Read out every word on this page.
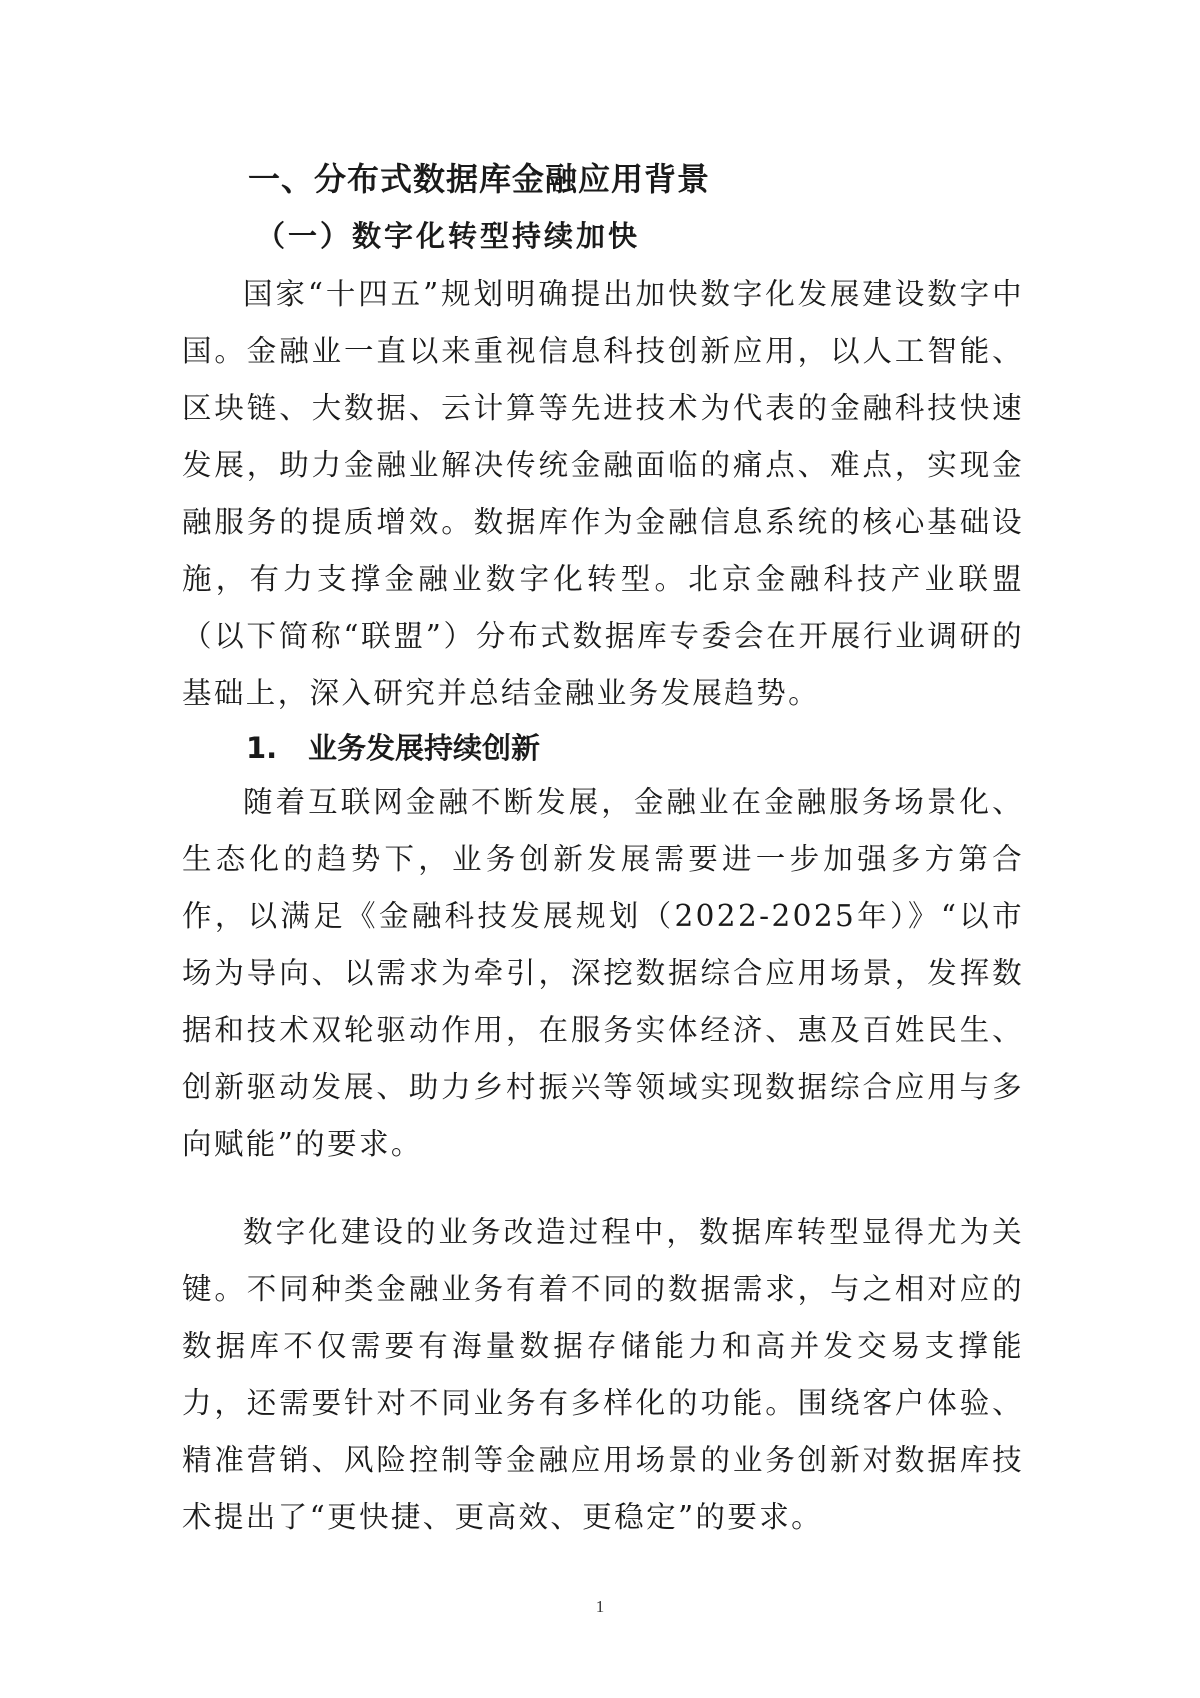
一、分布式数据库金融应用背景
（一）数字化转型持续加快

国家“十四五”规划明确提出加快数字化发展建设数字中国。金融业一直以来重视信息科技创新应用，以人工智能、区块链、大数据、云计算等先进技术为代表的金融科技快速发展，助力金融业解决传统金融面临的痛点、难点，实现金融服务的提质增效。数据库作为金融信息系统的核心基础设施，有力支撑金融业数字化转型。北京金融科技产业联盟（以下简称“联盟”）分布式数据库专委会在开展行业调研的基础上，深入研究并总结金融业务发展趋势。

1. 业务发展持续创新

随着互联网金融不断发展，金融业在金融服务场景化、生态化的趋势下，业务创新发展需要进一步加强多方第合作，以满足《金融科技发展规划（2022-2025年）》“以市场为导向、以需求为牵引，深挖数据综合应用场景，发挥数据和技术双轮驱动作用，在服务实体经济、惠及百姓民生、创新驱动发展、助力乡村振兴等领域实现数据综合应用与多向赋能”的要求。

数字化建设的业务改造过程中，数据库转型显得尤为关键。不同种类金融业务有着不同的数据需求，与之相对应的数据库不仅需要有海量数据存储能力和高并发交易支撑能力，还需要针对不同业务有多样化的功能。围绕客户体验、精准营销、风险控制等金融应用场景的业务创新对数据库技术提出了“更快捷、更高效、更稳定”的要求。

1
